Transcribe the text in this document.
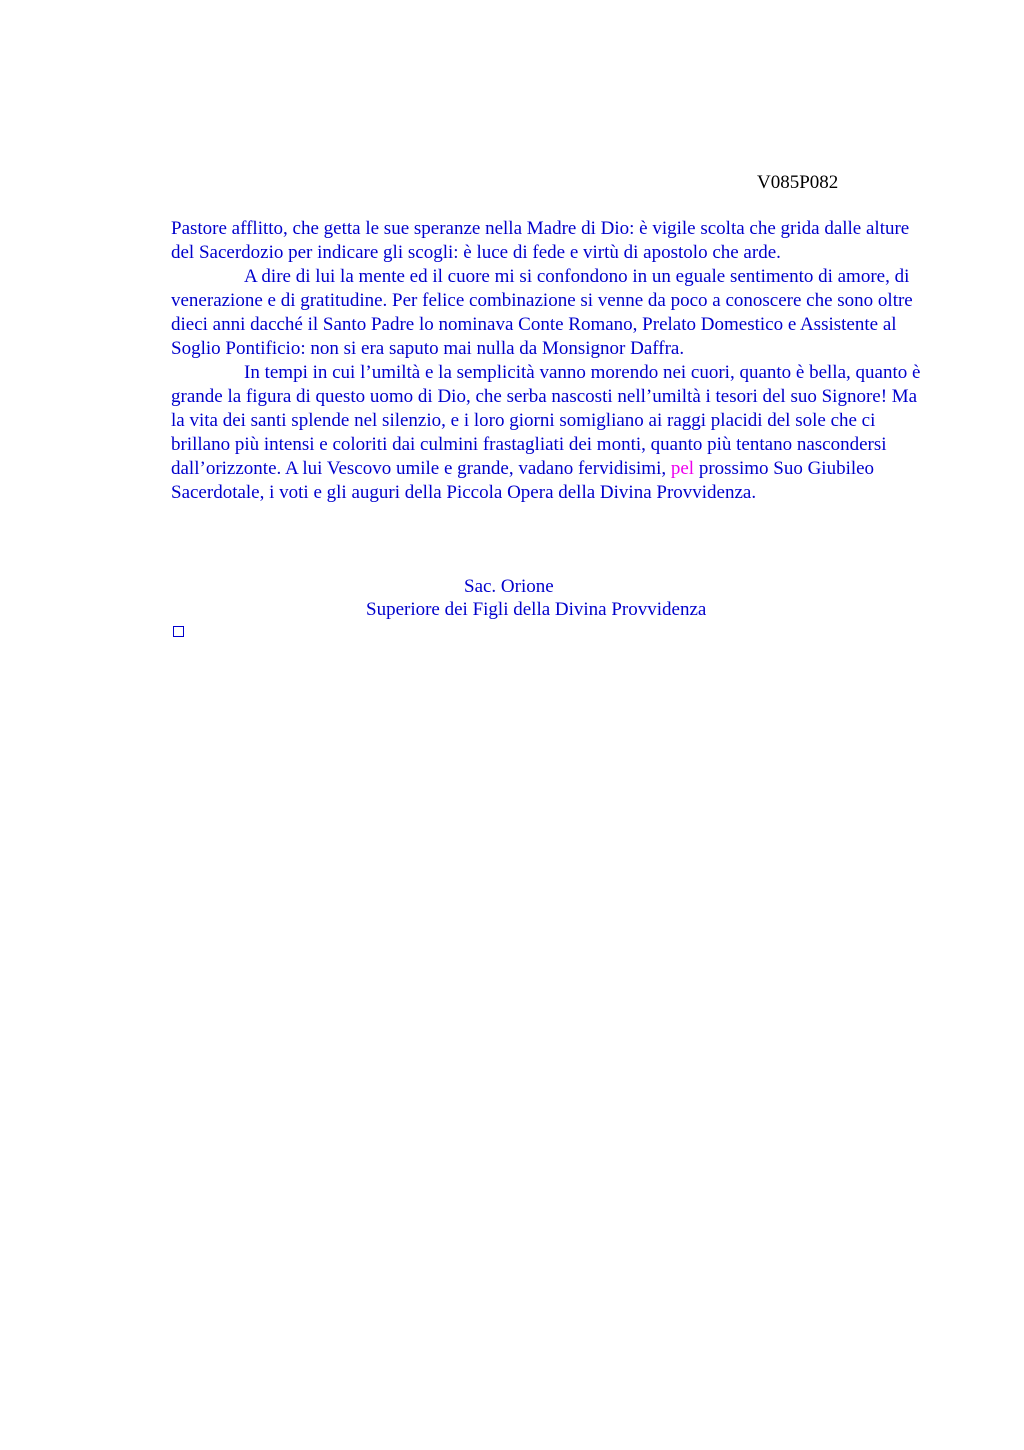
V085P082

Pastore afflitto, che getta le sue speranze nella Madre di Dio: è vigile scolta che grida dalle alture del Sacerdozio per indicare gli scogli: è luce di fede e virtù di apostolo che arde.

A dire di lui la mente ed il cuore mi si confondono in un eguale sentimento di amore, di venerazione e di gratitudine. Per felice combinazione si venne da poco a conoscere che sono oltre dieci anni dacché il Santo Padre lo nominava Conte Romano, Prelato Domestico e Assistente al Soglio Pontificio: non si era saputo mai nulla da Monsignor Daffra.

In tempi in cui l’umiltà e la semplicità vanno morendo nei cuori, quanto è bella, quanto è grande la figura di questo uomo di Dio, che serba nascosti nell’umiltà i tesori del suo Signore! Ma la vita dei santi splende nel silenzio, e i loro giorni somigliano ai raggi placidi del sole che ci brillano più intensi e coloriti dai culmini frastagliati dei monti, quanto più tentano nascondersi dall’orizzonte. A lui Vescovo umile e grande, vadano fervidisimi, pel prossimo Suo Giubileo Sacerdotale, i voti e gli auguri della Piccola Opera della Divina Provvidenza.

Sac. Orione
Superiore dei Figli della Divina Provvidenza
